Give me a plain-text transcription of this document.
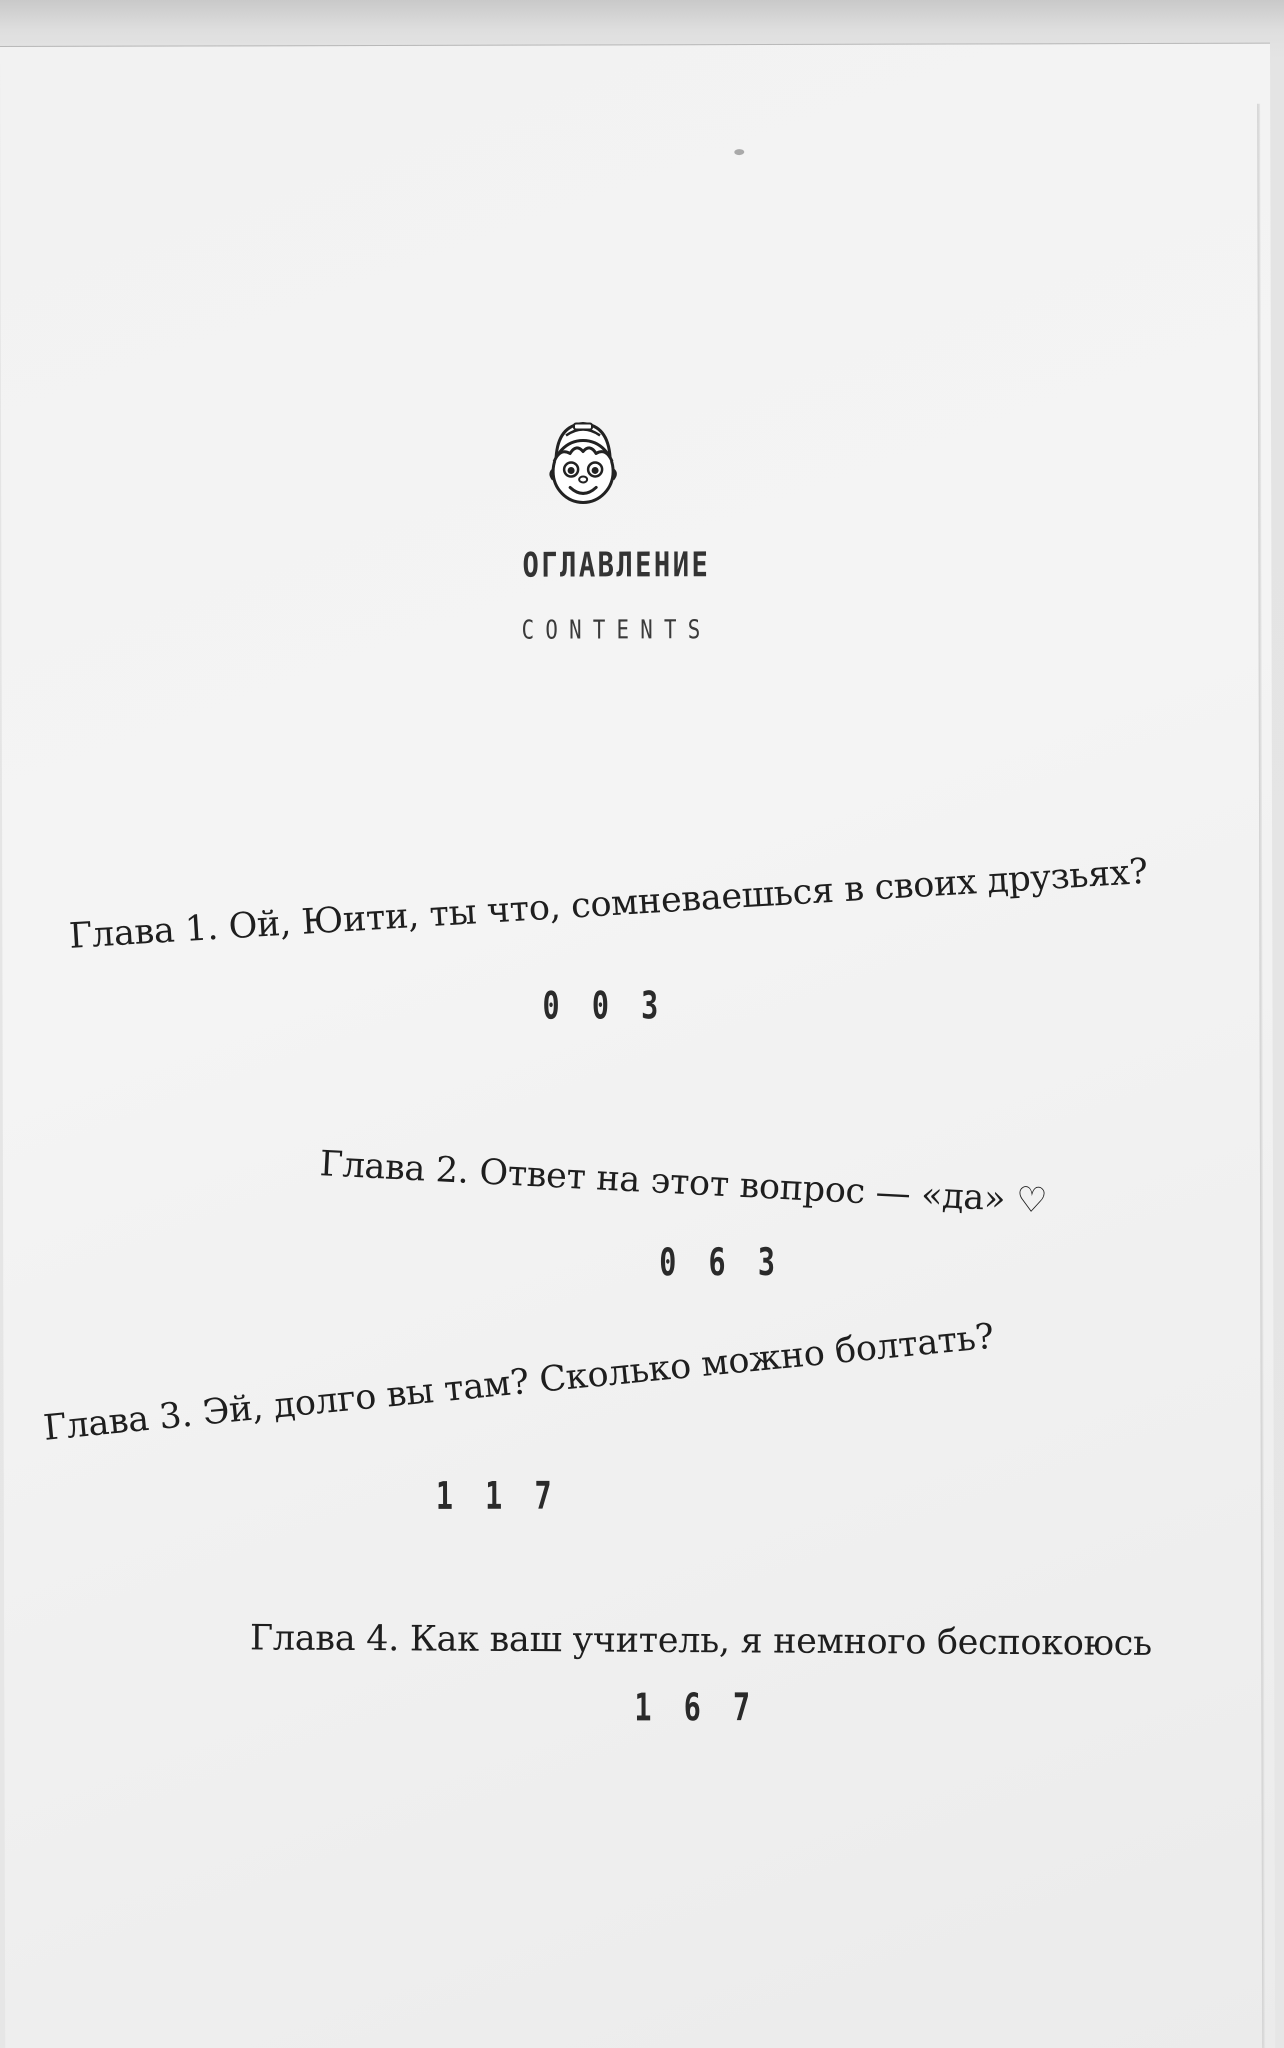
ОГЛАВЛЕНИЕ
CONTENTS
Глава 1. Ой, Юити, ты что, сомневаешься в своих друзьях?
0 0 3
Глава 2. Ответ на этот вопрос — «да» ♡
0 6 3
Глава 3. Эй, долго вы там? Сколько можно болтать?
1 1 7
Глава 4. Как ваш учитель, я немного беспокоюсь
1 6 7
